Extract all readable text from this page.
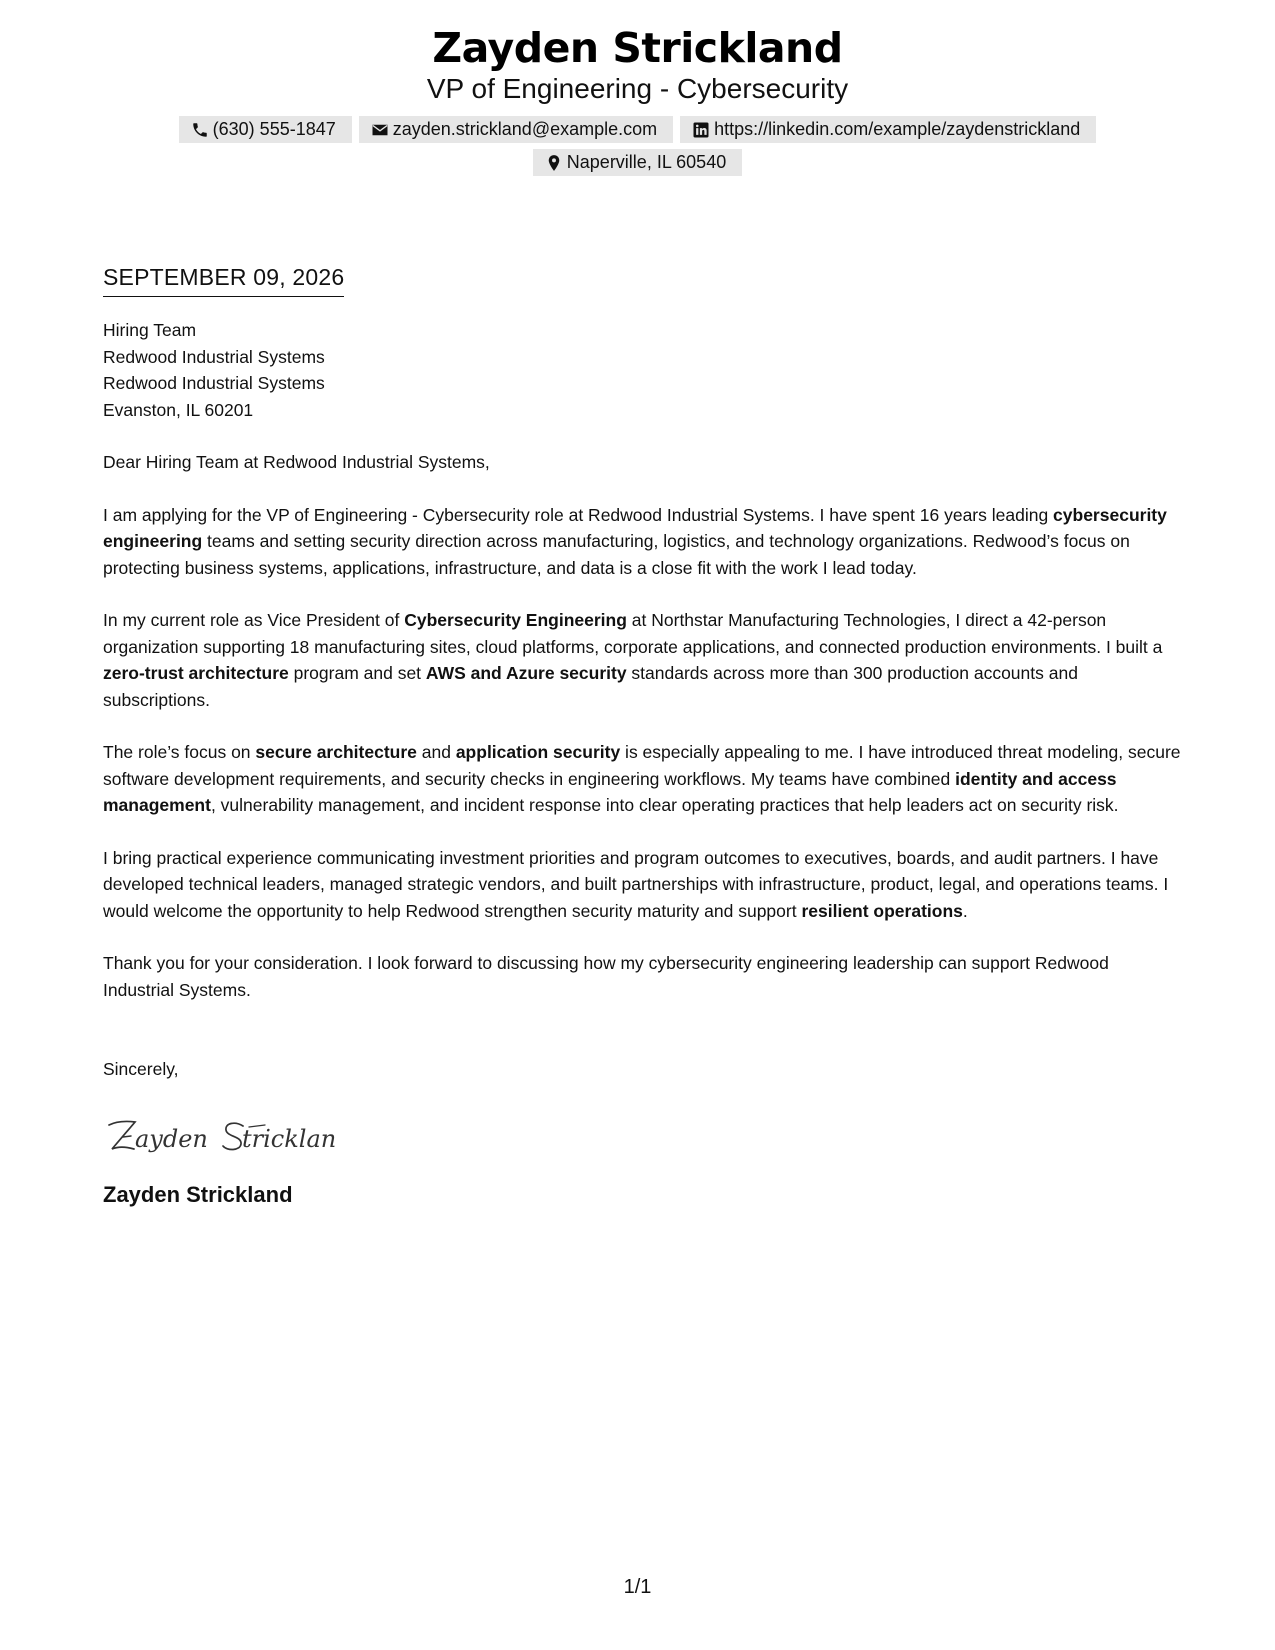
Zayden Strickland
VP of Engineering - Cybersecurity
(630) 555-1847	zayden.strickland@example.com	https://linkedin.com/example/zaydenstrickland
Naperville, IL 60540
SEPTEMBER 09, 2026
Hiring Team
Redwood Industrial Systems
Redwood Industrial Systems
Evanston, IL 60201
Dear Hiring Team at Redwood Industrial Systems,
I am applying for the VP of Engineering - Cybersecurity role at Redwood Industrial Systems. I have spent 16 years leading cybersecurity engineering teams and setting security direction across manufacturing, logistics, and technology organizations. Redwood’s focus on protecting business systems, applications, infrastructure, and data is a close fit with the work I lead today.
In my current role as Vice President of Cybersecurity Engineering at Northstar Manufacturing Technologies, I direct a 42-person organization supporting 18 manufacturing sites, cloud platforms, corporate applications, and connected production environments. I built a zero-trust architecture program and set AWS and Azure security standards across more than 300 production accounts and subscriptions.
The role’s focus on secure architecture and application security is especially appealing to me. I have introduced threat modeling, secure software development requirements, and security checks in engineering workflows. My teams have combined identity and access management, vulnerability management, and incident response into clear operating practices that help leaders act on security risk.
I bring practical experience communicating investment priorities and program outcomes to executives, boards, and audit partners. I have developed technical leaders, managed strategic vendors, and built partnerships with infrastructure, product, legal, and operations teams. I would welcome the opportunity to help Redwood strengthen security maturity and support resilient operations.
Thank you for your consideration. I look forward to discussing how my cybersecurity engineering leadership can support Redwood Industrial Systems.
Sincerely,
ayden tricklan
Zayden Strickland
1/1
